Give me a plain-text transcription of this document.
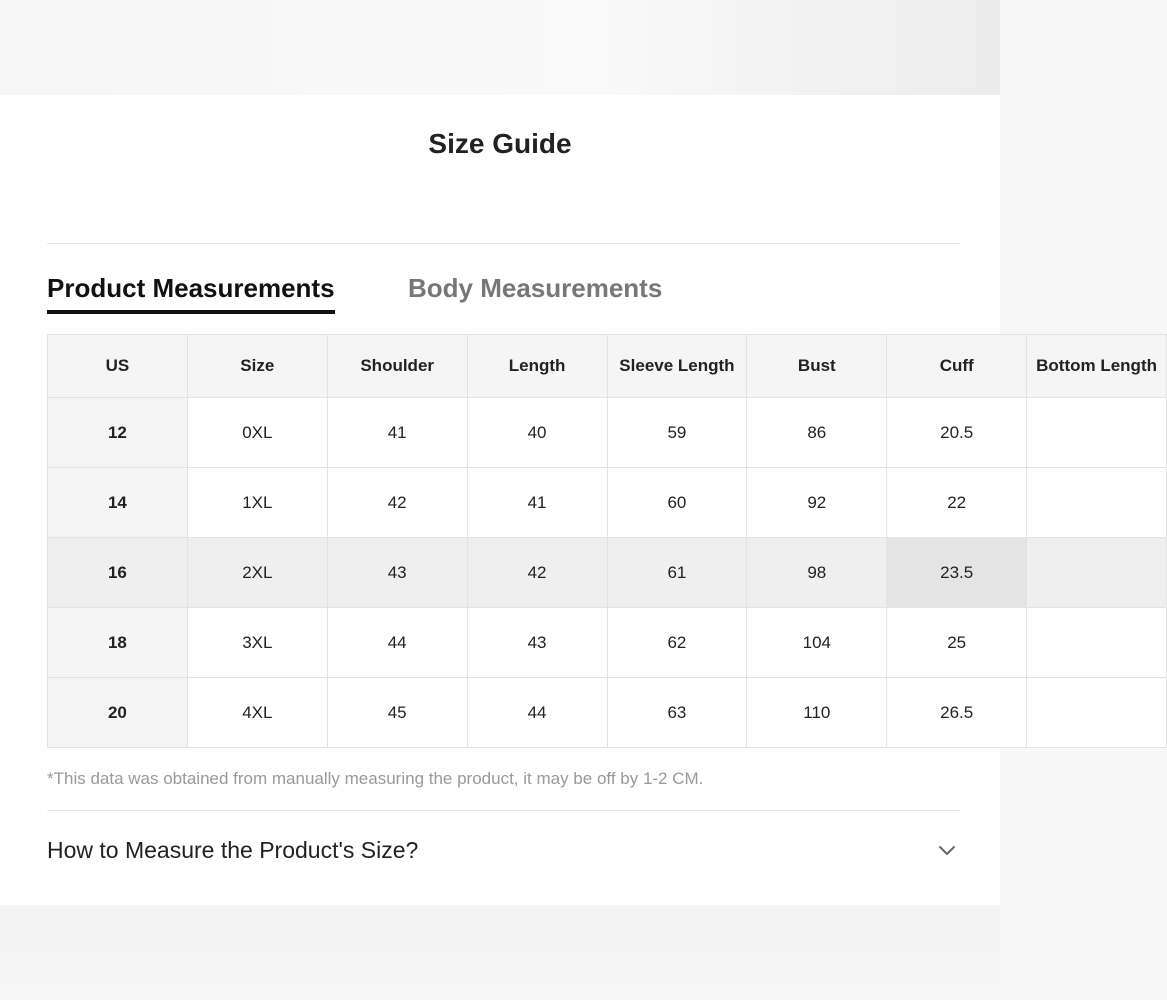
Size Guide
Product Measurements	Body Measurements
US	Size	Shoulder	Length	Sleeve Length	Bust	Cuff	Bottom Length
12	0XL	41	40	59	86	20.5	
14	1XL	42	41	60	92	22	
16	2XL	43	42	61	98	23.5	
18	3XL	44	43	62	104	25	
20	4XL	45	44	63	110	26.5	
*This data was obtained from manually measuring the product, it may be off by 1-2 CM.
How to Measure the Product's Size?
